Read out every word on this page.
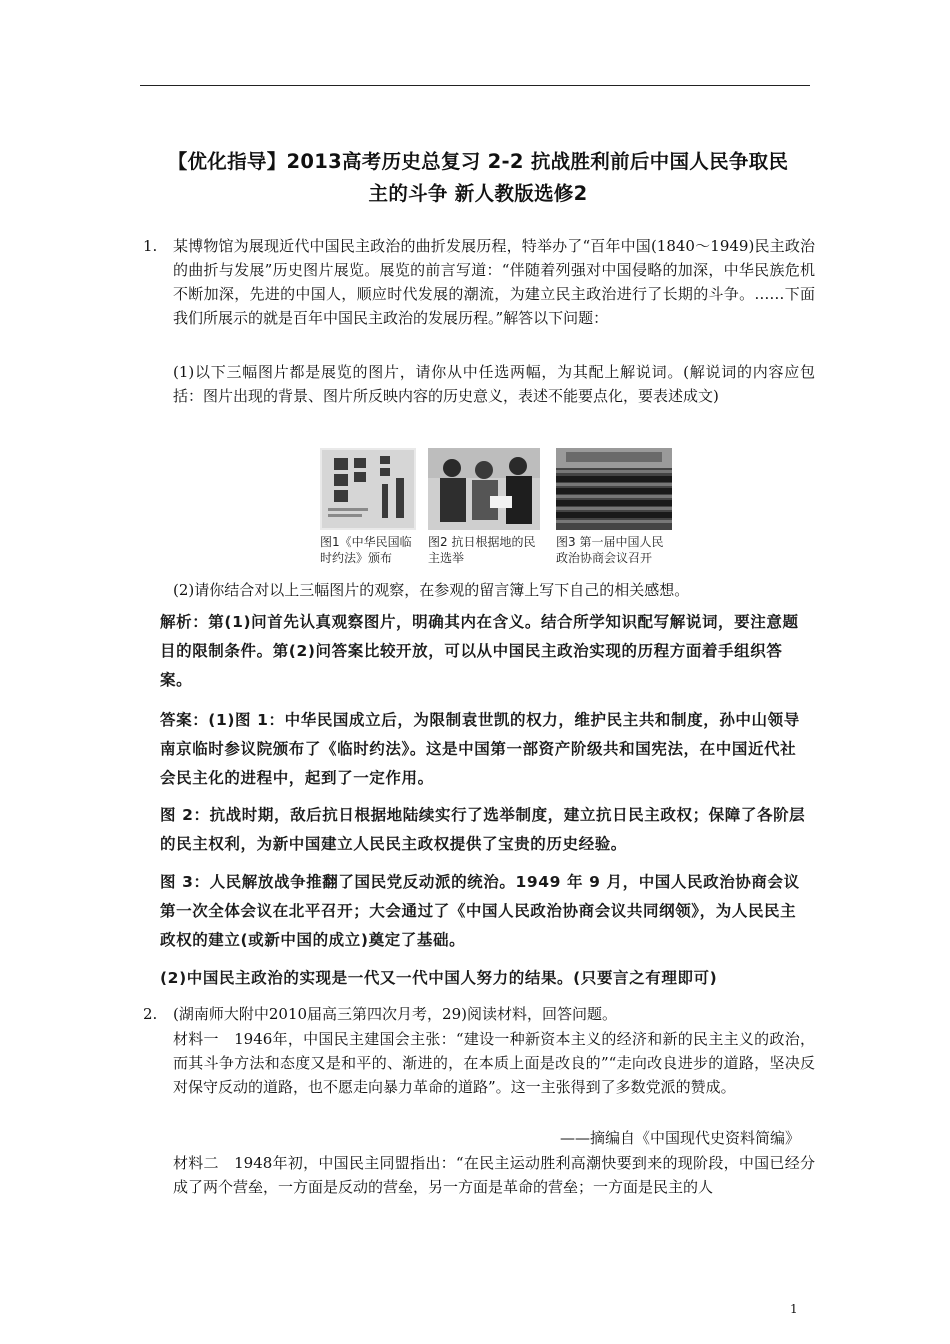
【优化指导】2013高考历史总复习 2-2 抗战胜利前后中国人民争取民
主的斗争 新人教版选修2
1. 某博物馆为展现近代中国民主政治的曲折发展历程，特举办了“百年中国(1840～1949)民主政治的曲折与发展”历史图片展览。展览的前言写道：“伴随着列强对中国侵略的加深，中华民族危机不断加深，先进的中国人，顺应时代发展的潮流，为建立民主政治进行了长期的斗争。……下面我们所展示的就是百年中国民主政治的发展历程。”解答以下问题：
(1)以下三幅图片都是展览的图片，请你从中任选两幅，为其配上解说词。(解说词的内容应包括：图片出现的背景、图片所反映内容的历史意义，表述不能要点化，要表述成文)
图1《中华民国临时约法》颁布
图2 抗日根据地的民主选举
图3 第一届中国人民政治协商会议召开
(2)请你结合对以上三幅图片的观察，在参观的留言簿上写下自己的相关感想。
解析：第(1)问首先认真观察图片，明确其内在含义。结合所学知识配写解说词，要注意题目的限制条件。第(2)问答案比较开放，可以从中国民主政治实现的历程方面着手组织答案。
答案：(1)图 1：中华民国成立后，为限制袁世凯的权力，维护民主共和制度，孙中山领导南京临时参议院颁布了《临时约法》。这是中国第一部资产阶级共和国宪法，在中国近代社会民主化的进程中，起到了一定作用。
图 2：抗战时期，敌后抗日根据地陆续实行了选举制度，建立抗日民主政权；保障了各阶层的民主权利，为新中国建立人民民主政权提供了宝贵的历史经验。
图 3：人民解放战争推翻了国民党反动派的统治。1949 年 9 月，中国人民政治协商会议第一次全体会议在北平召开；大会通过了《中国人民政治协商会议共同纲领》，为人民民主政权的建立(或新中国的成立)奠定了基础。
(2)中国民主政治的实现是一代又一代中国人努力的结果。(只要言之有理即可)
2. (湖南师大附中2010届高三第四次月考，29)阅读材料，回答问题。
材料一　1946年，中国民主建国会主张：“建设一种新资本主义的经济和新的民主主义的政治，而其斗争方法和态度又是和平的、渐进的，在本质上面是改良的”“走向改良进步的道路，坚决反对保守反动的道路，也不愿走向暴力革命的道路”。这一主张得到了多数党派的赞成。
——摘编自《中国现代史资料简编》
材料二　1948年初，中国民主同盟指出：“在民主运动胜利高潮快要到来的现阶段，中国已经分成了两个营垒，一方面是反动的营垒，另一方面是革命的营垒；一方面是民主的人
1
